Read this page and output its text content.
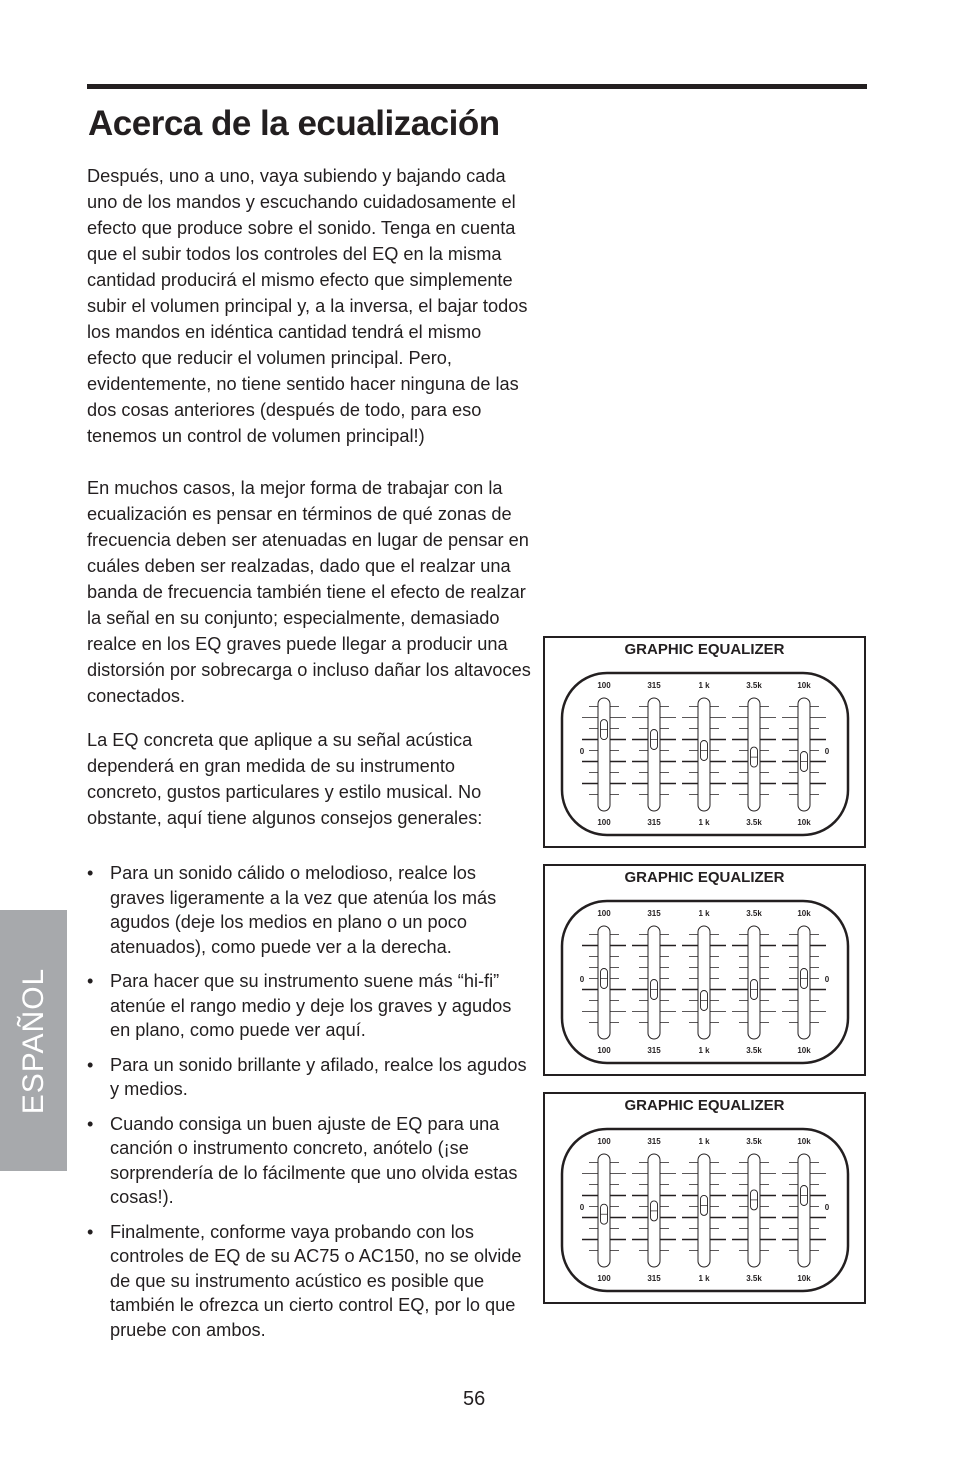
Acerca de la ecualización

Después, uno a uno, vaya subiendo y bajando cada uno de los mandos y escuchando cuidadosamente el efecto que produce sobre el sonido. Tenga en cuenta que el subir todos los controles del EQ en la misma cantidad producirá el mismo efecto que simplemente subir el volumen principal y, a la inversa, el bajar todos los mandos en idéntica cantidad tendrá el mismo efecto que reducir el volumen principal. Pero, evidentemente, no tiene sentido hacer ninguna de las dos cosas anteriores (después de todo, para eso tenemos un control de volumen principal!)

En muchos casos, la mejor forma de trabajar con la ecualización es pensar en términos de qué zonas de frecuencia deben ser atenuadas en lugar de pensar en cuáles deben ser realzadas, dado que el realzar una banda de frecuencia también tiene el efecto de realzar la señal en su conjunto; especialmente, demasiado realce en los EQ graves puede llegar a producir una distorsión por sobrecarga o incluso dañar los altavoces conectados.

La EQ concreta que aplique a su señal acústica dependerá en gran medida de su instrumento concreto, gustos particulares y estilo musical. No obstante, aquí tiene algunos consejos generales:

• Para un sonido cálido o melodioso, realce los graves ligeramente a la vez que atenúa los más agudos (deje los medios en plano o un poco atenuados), como puede ver a la derecha.
• Para hacer que su instrumento suene más “hi-fi” atenúe el rango medio y deje los graves y agudos en plano, como puede ver aquí.
• Para un sonido brillante y afilado, realce los agudos y medios.
• Cuando consiga un buen ajuste de EQ para una canción o instrumento concreto, anótelo (¡se sorprendería de lo fácilmente que uno olvida estas cosas!).
• Finalmente, conforme vaya probando con los controles de EQ de su AC75 o AC150, no se olvide de que su instrumento acústico es posible que también le ofrezca un cierto control EQ, por lo que pruebe con ambos.
ESPAÑOL
56
GRAPHIC EQUALIZER
0	0
100
100
315
315
1 k
1 k
3.5k
3.5k
10k
10k
GRAPHIC EQUALIZER
0	0
100
100
315
315
1 k
1 k
3.5k
3.5k
10k
10k
GRAPHIC EQUALIZER
0	0
100
100
315
315
1 k
1 k
3.5k
3.5k
10k
10k
